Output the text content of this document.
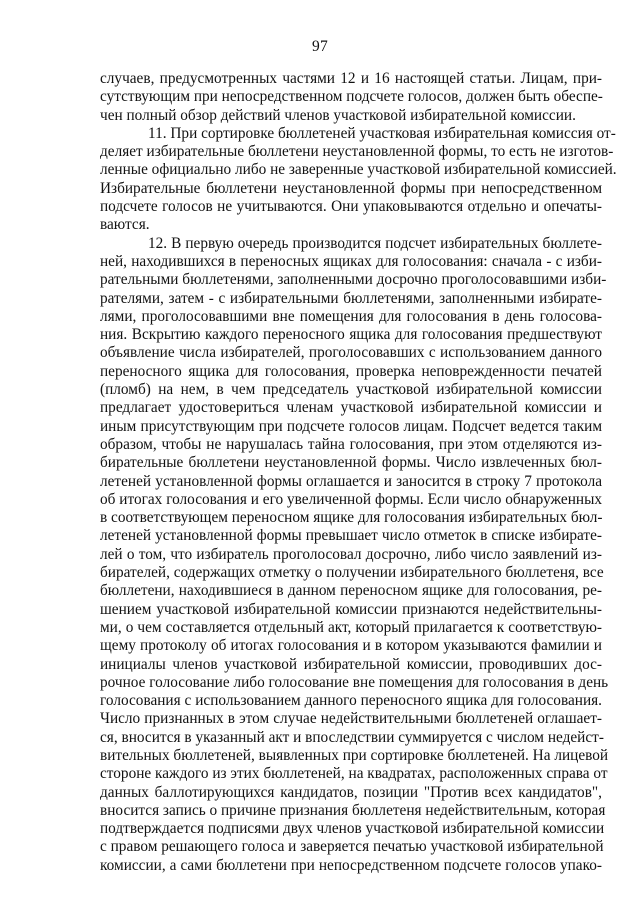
97
случаев, предусмотренных частями 12 и 16 настоящей статьи. Лицам, при-
сутствующим при непосредственном подсчете голосов, должен быть обеспе-
чен полный обзор действий членов участковой избирательной комиссии.
11. При сортировке бюллетеней участковая избирательная комиссия от-
деляет избирательные бюллетени неустановленной формы, то есть не изготов-
ленные официально либо не заверенные участковой избирательной комиссией.
Избирательные бюллетени неустановленной формы при непосредственном
подсчете голосов не учитываются. Они упаковываются отдельно и опечаты-
ваются.
12. В первую очередь производится подсчет избирательных бюллете-
ней, находившихся в переносных ящиках для голосования: сначала - с изби-
рательными бюллетенями, заполненными досрочно проголосовавшими изби-
рателями, затем - с избирательными бюллетенями, заполненными избирате-
лями, проголосовавшими вне помещения для голосования в день голосова-
ния. Вскрытию каждого переносного ящика для голосования предшествуют
объявление числа избирателей, проголосовавших с использованием данного
переносного ящика для голосования, проверка неповрежденности печатей
(пломб) на нем, в чем председатель участковой избирательной комиссии
предлагает удостовериться членам участковой избирательной комиссии и
иным присутствующим при подсчете голосов лицам. Подсчет ведется таким
образом, чтобы не нарушалась тайна голосования, при этом отделяются из-
бирательные бюллетени неустановленной формы. Число извлеченных бюл-
летеней установленной формы оглашается и заносится в строку 7 протокола
об итогах голосования и его увеличенной формы. Если число обнаруженных
в соответствующем переносном ящике для голосования избирательных бюл-
летеней установленной формы превышает число отметок в списке избирате-
лей о том, что избиратель проголосовал досрочно, либо число заявлений из-
бирателей, содержащих отметку о получении избирательного бюллетеня, все
бюллетени, находившиеся в данном переносном ящике для голосования, ре-
шением участковой избирательной комиссии признаются недействительны-
ми, о чем составляется отдельный акт, который прилагается к соответствую-
щему протоколу об итогах голосования и в котором указываются фамилии и
инициалы членов участковой избирательной комиссии, проводивших дос-
рочное голосование либо голосование вне помещения для голосования в день
голосования с использованием данного переносного ящика для голосования.
Число признанных в этом случае недействительными бюллетеней оглашает-
ся, вносится в указанный акт и впоследствии суммируется с числом недейст-
вительных бюллетеней, выявленных при сортировке бюллетеней. На лицевой
стороне каждого из этих бюллетеней, на квадратах, расположенных справа от
данных баллотирующихся кандидатов, позиции "Против всех кандидатов",
вносится запись о причине признания бюллетеня недействительным, которая
подтверждается подписями двух членов участковой избирательной комиссии
с правом решающего голоса и заверяется печатью участковой избирательной
комиссии, а сами бюллетени при непосредственном подсчете голосов упако-
